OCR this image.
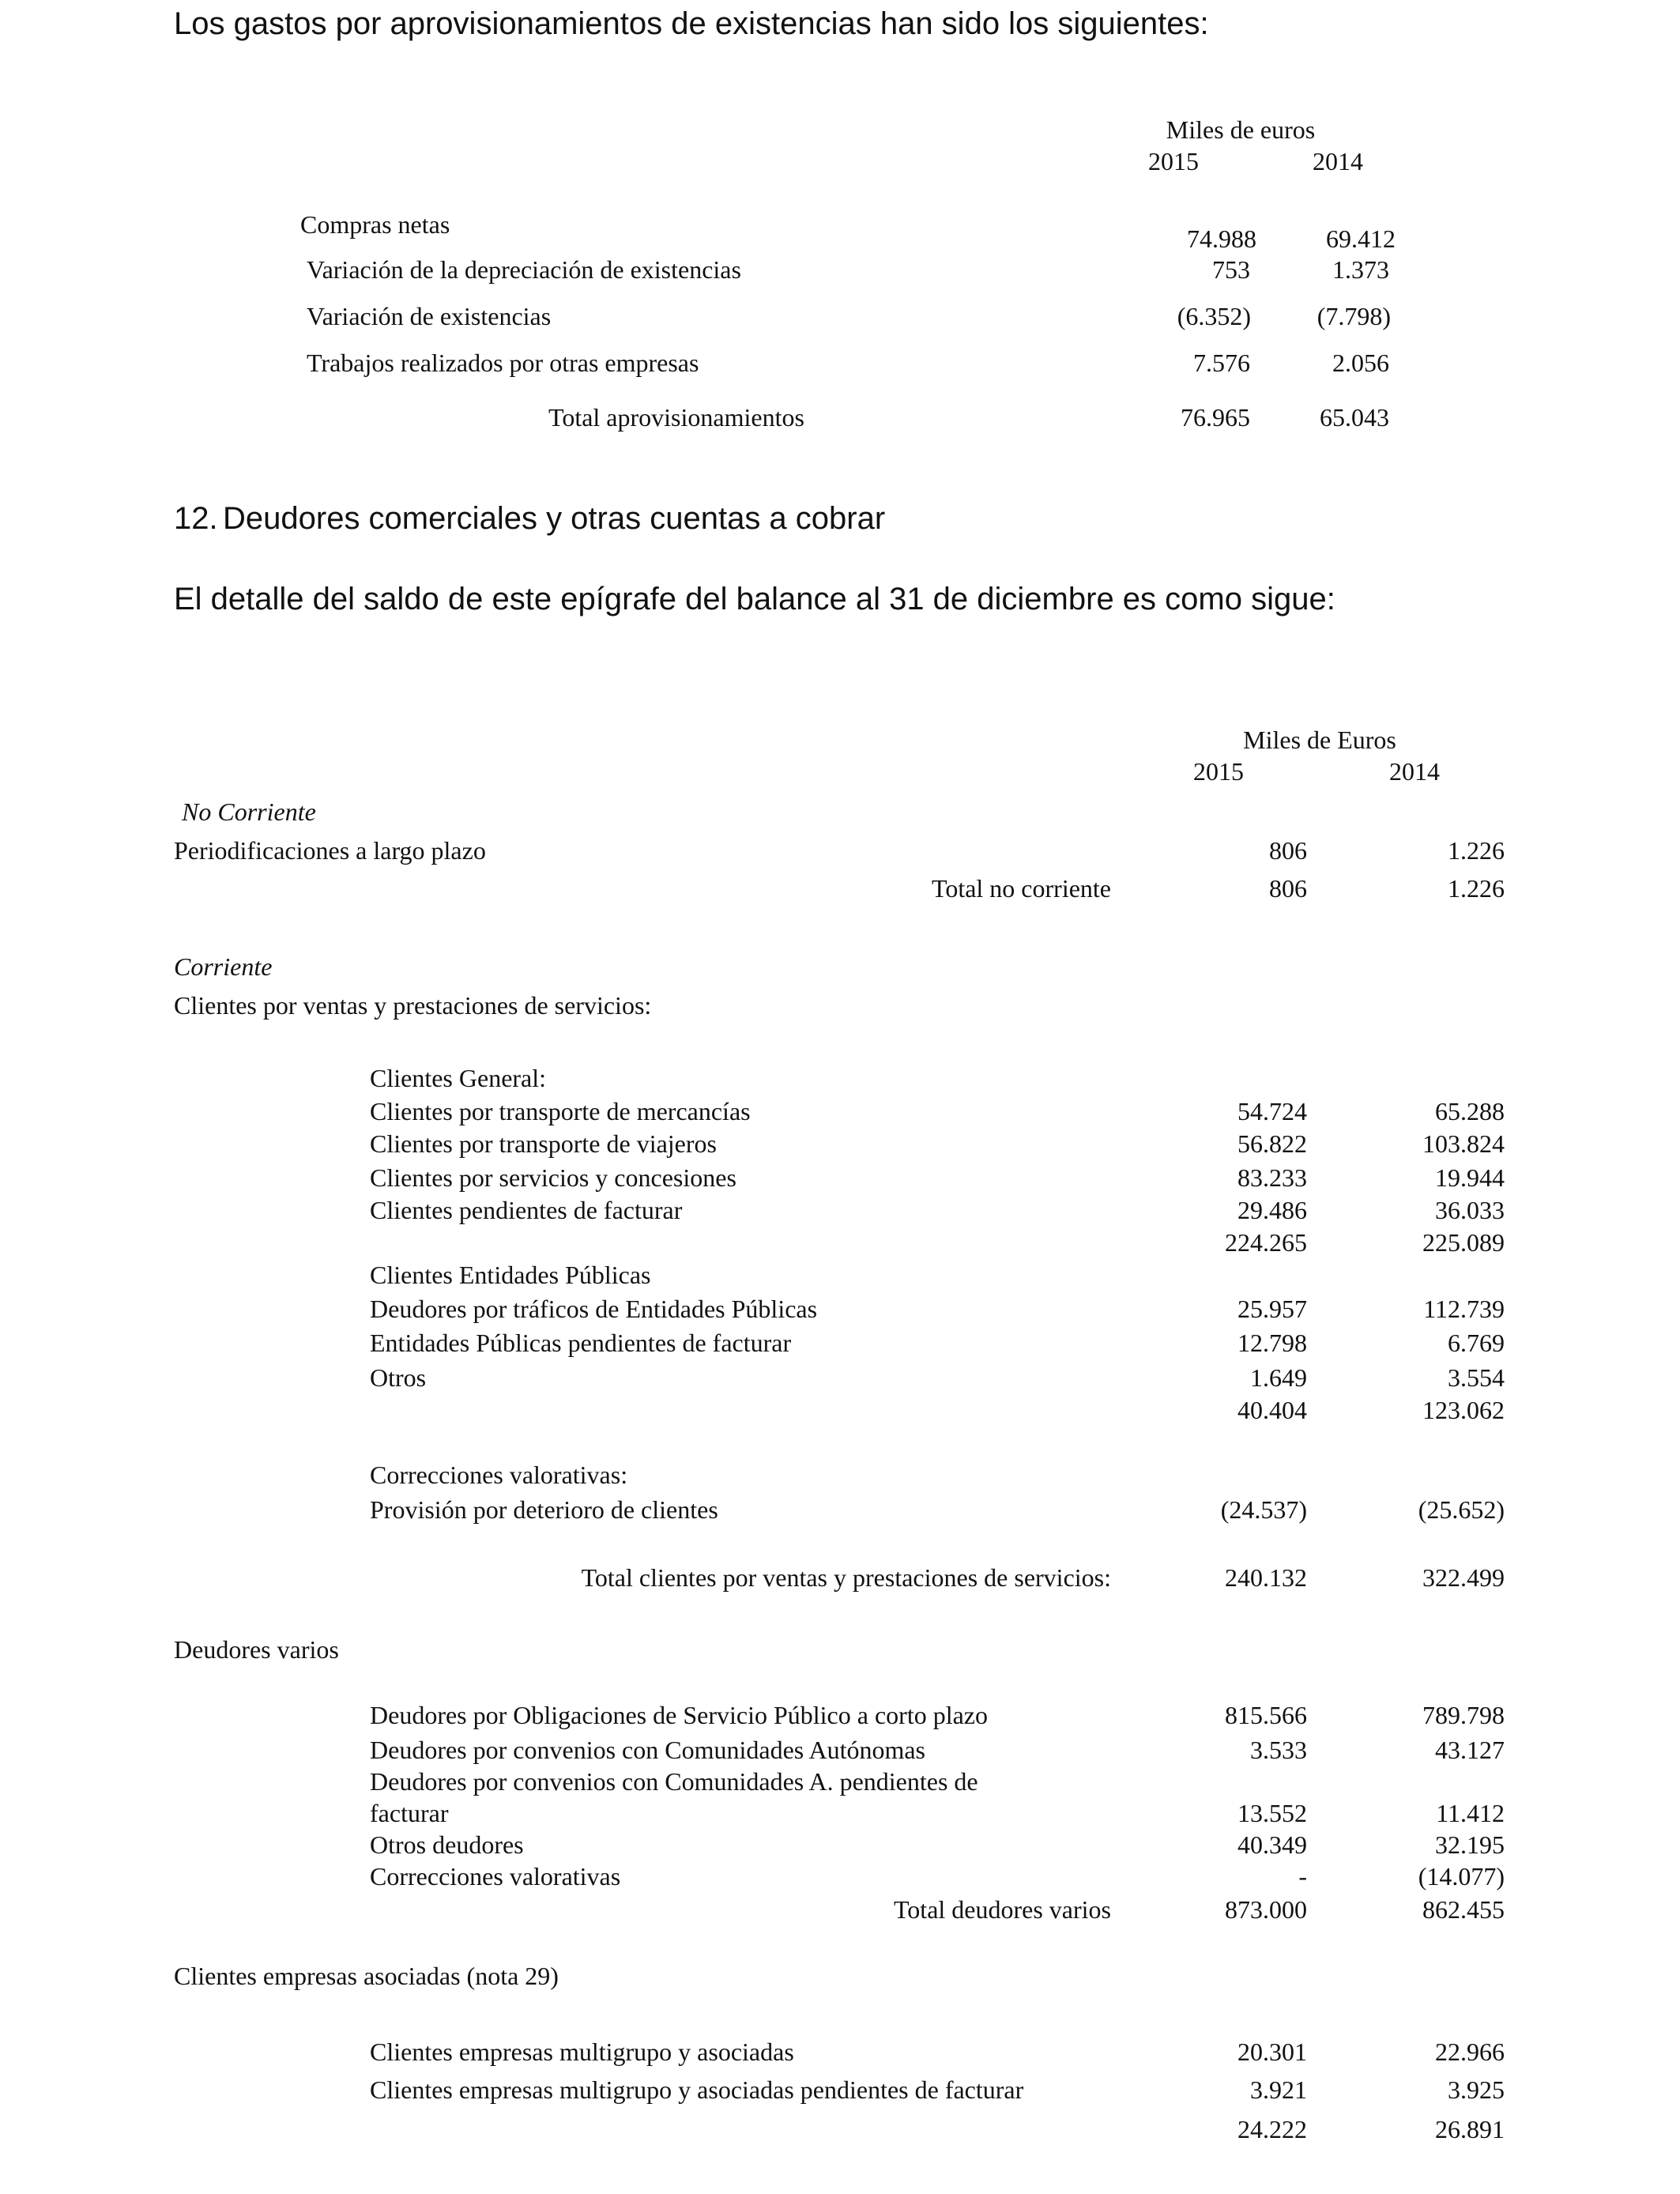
Los gastos por aprovisionamientos de existencias han sido los siguientes:
Miles de euros
2015	2014
Compras netas	74.988	69.412
Variación de la depreciación de existencias	753	1.373
Variación de existencias	(6.352)	(7.798)
Trabajos realizados por otras empresas	7.576	2.056
Total aprovisionamientos	76.965	65.043
12. Deudores comerciales y otras cuentas a cobrar
El detalle del saldo de este epígrafe del balance al 31 de diciembre es como sigue:
Miles de Euros
2015	2014
No Corriente
Periodificaciones a largo plazo	806	1.226
Total no corriente	806	1.226
Corriente
Clientes por ventas y prestaciones de servicios:
Clientes General:
Clientes por transporte de mercancías	54.724	65.288
Clientes por transporte de viajeros	56.822	103.824
Clientes por servicios y concesiones	83.233	19.944
Clientes pendientes de facturar	29.486	36.033
224.265	225.089
Clientes Entidades Públicas
Deudores por tráficos de Entidades Públicas	25.957	112.739
Entidades Públicas pendientes de facturar	12.798	6.769
Otros	1.649	3.554
40.404	123.062
Correcciones valorativas:
Provisión por deterioro de clientes	(24.537)	(25.652)
Total clientes por ventas y prestaciones de servicios:	240.132	322.499
Deudores varios
Deudores por Obligaciones de Servicio Público a corto plazo	815.566	789.798
Deudores por convenios con Comunidades Autónomas	3.533	43.127
Deudores por convenios con Comunidades A. pendientes de
facturar	13.552	11.412
Otros deudores	40.349	32.195
Correcciones valorativas	-	(14.077)
Total deudores varios	873.000	862.455
Clientes empresas asociadas (nota 29)
Clientes empresas multigrupo y asociadas	20.301	22.966
Clientes empresas multigrupo y asociadas pendientes de facturar	3.921	3.925
24.222	26.891
